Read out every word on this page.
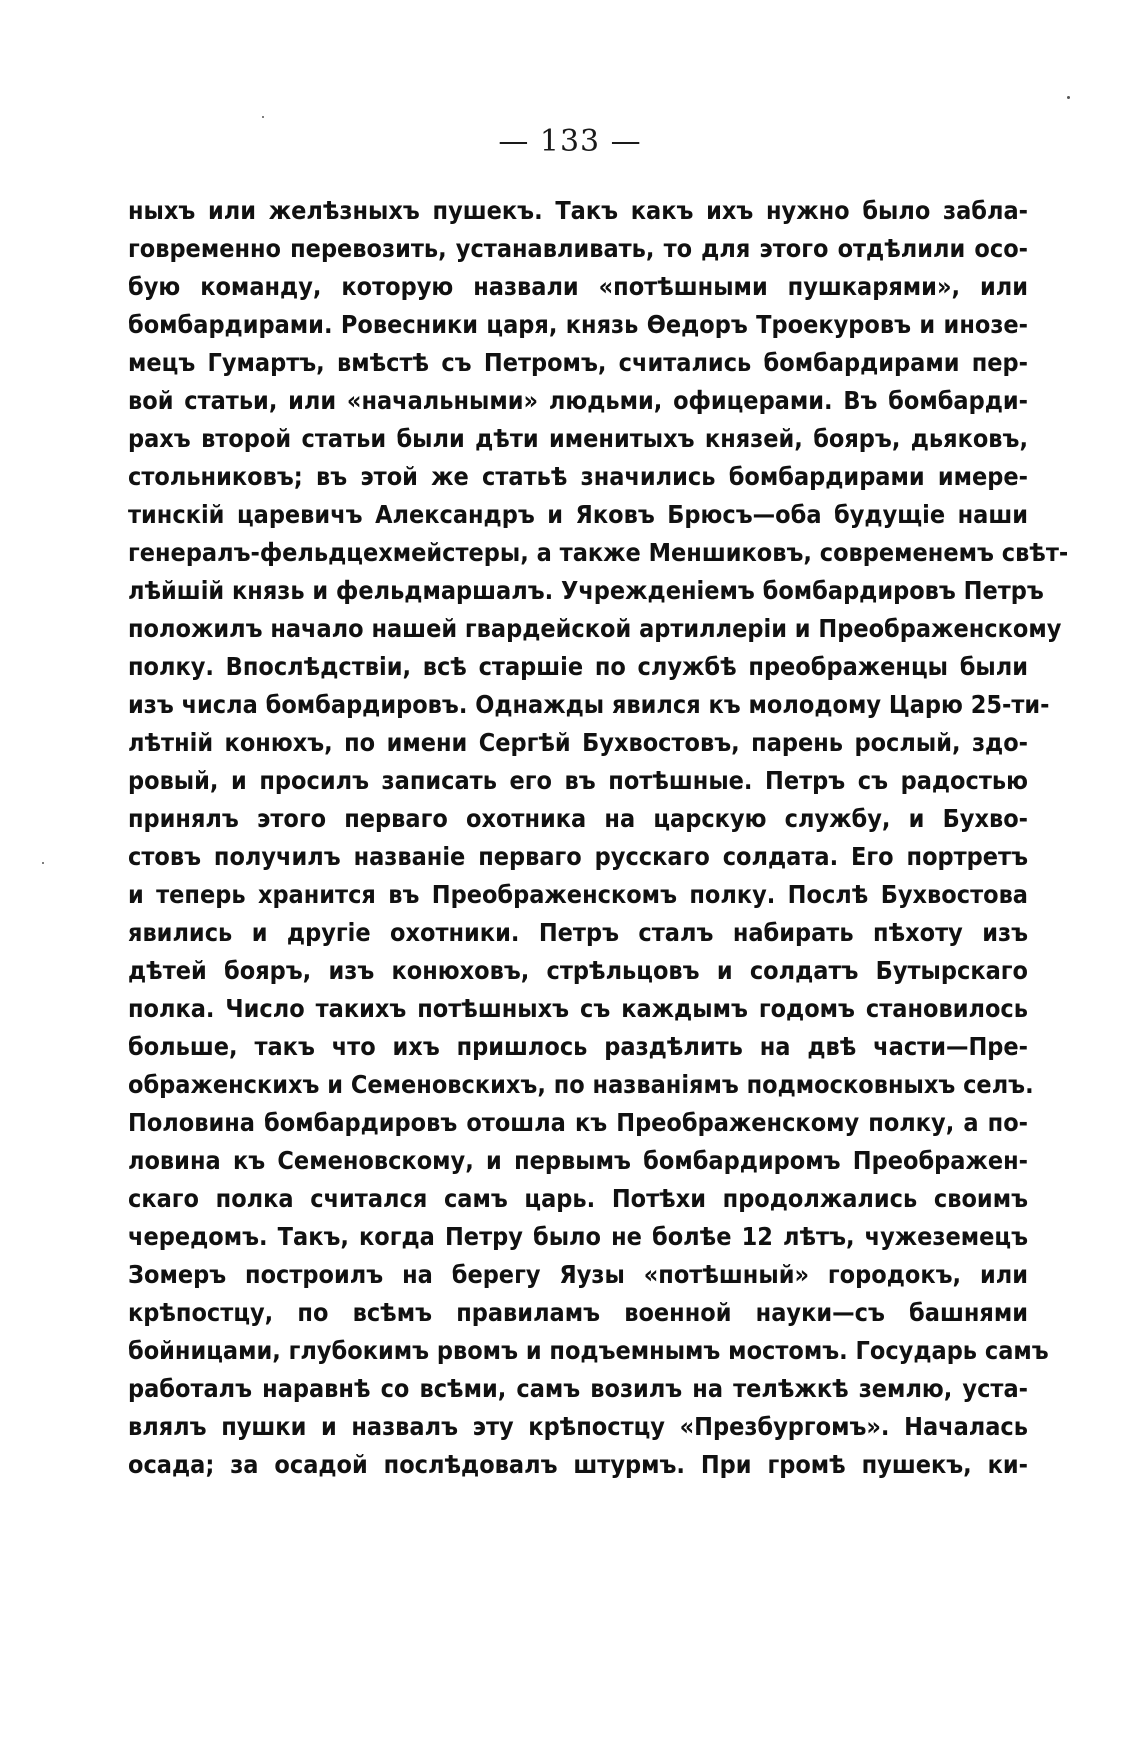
— 133 —
ныхъ или желѣзныхъ пушекъ. Такъ какъ ихъ нужно было забла-
говременно перевозить, устанавливать, то для этого отдѣлили осо-
бую команду, которую назвали «потѣшными пушкарями», или
бомбардирами. Ровесники царя, князь Ѳедоръ Троекуровъ и инозе-
мецъ Гумартъ, вмѣстѣ съ Петромъ, считались бомбардирами пер-
вой статьи, или «начальными» людьми, офицерами. Въ бомбарди-
рахъ второй статьи были дѣти именитыхъ князей, бояръ, дьяковъ,
стольниковъ; въ этой же статьѣ значились бомбардирами имере-
тинскій царевичъ Александръ и Яковъ Брюсъ—оба будущіе наши
генералъ-фельдцехмейстеры, а также Меншиковъ, современемъ свѣт-
лѣйшій князь и фельдмаршалъ. Учрежденіемъ бомбардировъ Петръ
положилъ начало нашей гвардейской артиллеріи и Преображенскому
полку. Впослѣдствіи, всѣ старшіе по службѣ преображенцы были
изъ числа бомбардировъ. Однажды явился къ молодому Царю 25-ти-
лѣтній конюхъ, по имени Сергѣй Бухвостовъ, парень рослый, здо-
ровый, и просилъ записать его въ потѣшные. Петръ съ радостью
принялъ этого перваго охотника на царскую службу, и Бухво-
стовъ получилъ названіе перваго русскаго солдата. Его портретъ
и теперь хранится въ Преображенскомъ полку. Послѣ Бухвостова
явились и другіе охотники. Петръ сталъ набирать пѣхоту изъ
дѣтей бояръ, изъ конюховъ, стрѣльцовъ и солдатъ Бутырскаго
полка. Число такихъ потѣшныхъ съ каждымъ годомъ становилось
больше, такъ что ихъ пришлось раздѣлить на двѣ части—Пре-
ображенскихъ и Семеновскихъ, по названіямъ подмосковныхъ селъ.
Половина бомбардировъ отошла къ Преображенскому полку, а по-
ловина къ Семеновскому, и первымъ бомбардиромъ Преображен-
скаго полка считался самъ царь. Потѣхи продолжались своимъ
чередомъ. Такъ, когда Петру было не болѣе 12 лѣтъ, чужеземецъ
Зомеръ построилъ на берегу Яузы «потѣшный» городокъ, или
крѣпостцу, по всѣмъ правиламъ военной науки—съ башнями
бойницами, глубокимъ рвомъ и подъемнымъ мостомъ. Государь самъ
работалъ наравнѣ со всѣми, самъ возилъ на телѣжкѣ землю, уста-
влялъ пушки и назвалъ эту крѣпостцу «Презбургомъ». Началась
осада; за осадой послѣдовалъ штурмъ. При громѣ пушекъ, ки-
